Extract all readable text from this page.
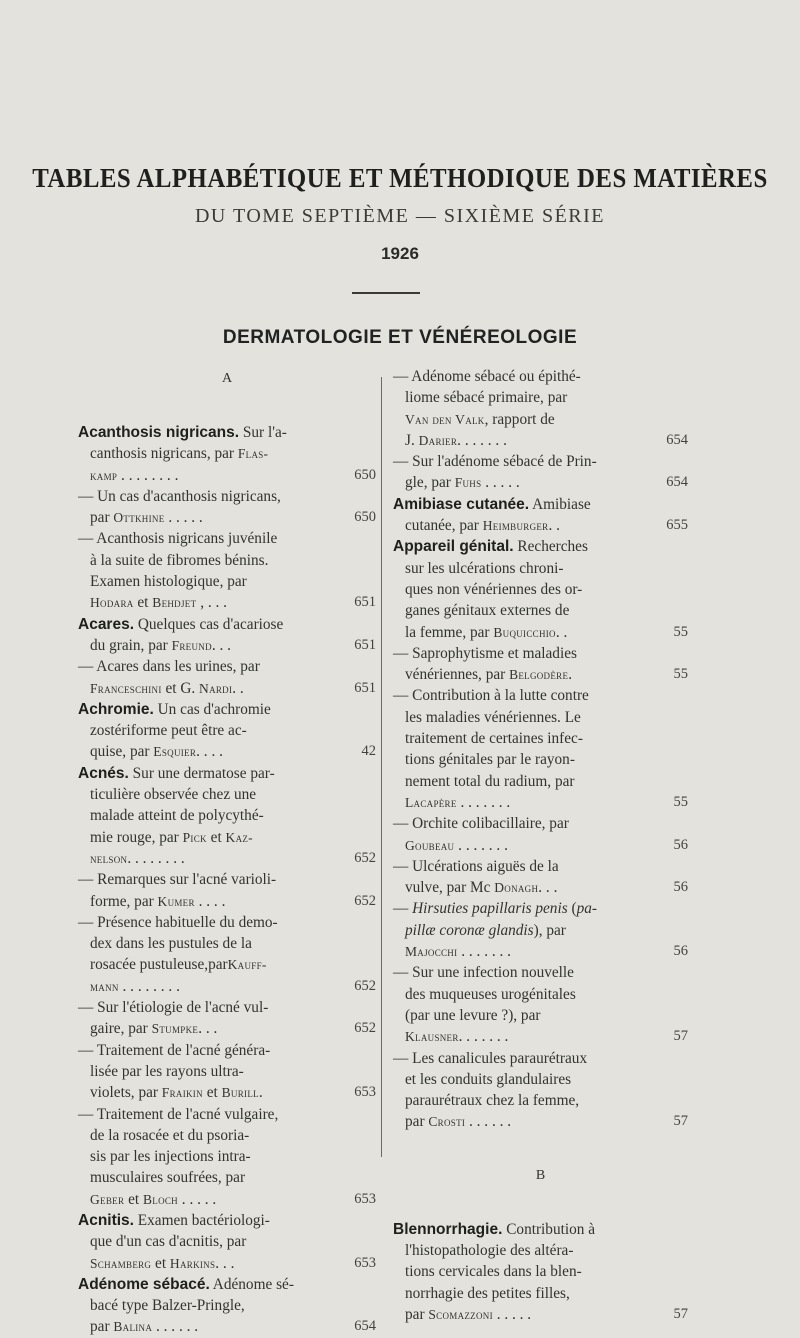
TABLES ALPHABÉTIQUE ET MÉTHODIQUE DES MATIÈRES
DU TOME SEPTIÈME — SIXIÈME SÉRIE
1926
DERMATOLOGIE ET VÉNÉREOLOGIE
A
Acanthosis nigricans. Sur l'a-
canthosis nigricans, par Flas-
kamp . . . . . . . .	650
— Un cas d'acanthosis nigricans,
par Ottkhine . . . . .	650
— Acanthosis nigricans juvénile
à la suite de fibromes bénins.
Examen histologique, par
Hodara et Behdjet , . . .	651
Acares. Quelques cas d'acariose
du grain, par Freund. . .	651
— Acares dans les urines, par
Franceschini et G. Nardi. .	651
Achromie. Un cas d'achromie
zostériforme peut être ac-
quise, par Esquier. . . .	42
Acnés. Sur une dermatose par-
ticulière observée chez une
malade atteint de polycythé-
mie rouge, par Pick et Kaz-
nelson. . . . . . . .	652
— Remarques sur l'acné varioli-
forme, par Kumer . . . .	652
— Présence habituelle du demo-
dex dans les pustules de la
rosacée pustuleuse,parKauff-
mann . . . . . . . .	652
— Sur l'étiologie de l'acné vul-
gaire, par Stumpke. . .	652
— Traitement de l'acné généra-
lisée par les rayons ultra-
violets, par Fraikin et Burill.	653
— Traitement de l'acné vulgaire,
de la rosacée et du psoria-
sis par les injections intra-
musculaires soufrées, par
Geber et Bloch . . . . .	653
Acnitis. Examen bactériologi-
que d'un cas d'acnitis, par
Schamberg et Harkins. . .	653
Adénome sébacé. Adénome sé-
bacé type Balzer-Pringle,
par Balina . . . . . .	654
— Adénome sébacé ou épithé-
liome sébacé primaire, par
Van den Valk, rapport de
J. Darier. . . . . . .	654
— Sur l'adénome sébacé de Prin-
gle, par Fuhs . . . . .	654
Amibiase cutanée. Amibiase
cutanée, par Heimburger. .	655
Appareil génital. Recherches
sur les ulcérations chroni-
ques non vénériennes des or-
ganes génitaux externes de
la femme, par Buquicchio. .	55
— Saprophytisme et maladies
vénériennes, par Belgodère.	55
— Contribution à la lutte contre
les maladies vénériennes. Le
traitement de certaines infec-
tions génitales par le rayon-
nement total du radium, par
Lacapère . . . . . . .	55
— Orchite colibacillaire, par
Goubeau . . . . . . .	56
— Ulcérations aiguës de la
vulve, par Mc Donagh. . .	56
— Hirsuties papillaris penis (pa-
pillæ coronæ glandis), par
Majocchi . . . . . . .	56
— Sur une infection nouvelle
des muqueuses urogénitales
(par une levure ?), par
Klausner. . . . . . .	57
— Les canalicules paraurétraux
et les conduits glandulaires
paraurétraux chez la femme,
par Crosti . . . . . .	57
B
Blennorrhagie. Contribution à
l'histopathologie des altéra-
tions cervicales dans la blen-
norrhagie des petites filles,
par Scomazzoni . . . . .	57
